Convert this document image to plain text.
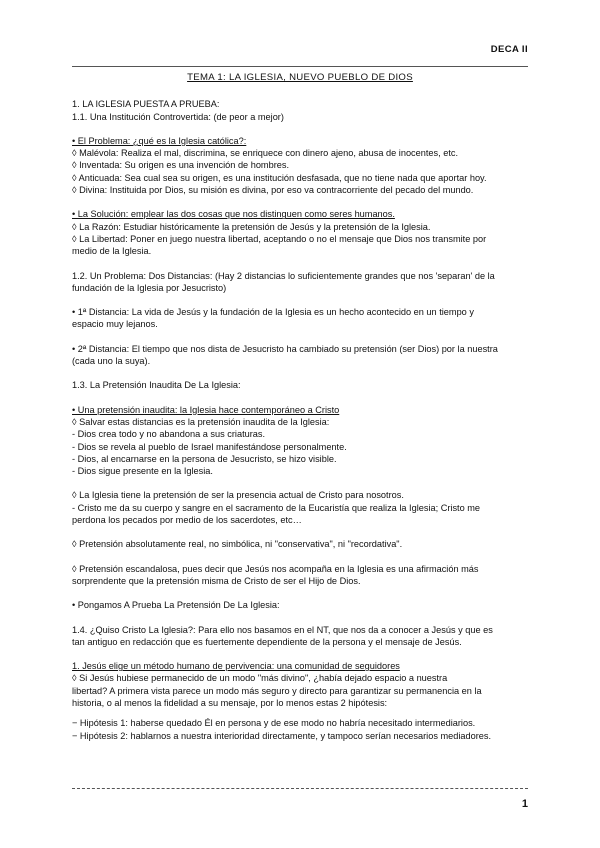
DECA II

TEMA 1: LA IGLESIA, NUEVO PUEBLO DE DIOS

1. LA IGLESIA PUESTA A PRUEBA:

1.1. Una Institución Controvertida: (de peor a mejor)

• El Problema: ¿qué es la Iglesia católica?:

◊ Malévola: Realiza el mal, discrimina, se enriquece con dinero ajeno, abusa de inocentes, etc.

◊ Inventada: Su origen es una invención de hombres.

◊ Anticuada: Sea cual sea su origen, es una institución desfasada, que no tiene nada que aportar hoy.

◊ Divina: Instituida por Dios, su misión es divina, por eso va contracorriente del pecado del mundo.

• La Solución: emplear las dos cosas que nos distinguen como seres humanos.

◊ La Razón: Estudiar históricamente la pretensión de Jesús y la pretensión de la Iglesia.

◊ La Libertad: Poner en juego nuestra libertad, aceptando o no el mensaje que Dios nos transmite por

medio de la Iglesia.

1.2. Un Problema: Dos Distancias: (Hay 2 distancias lo suficientemente grandes que nos 'separan' de la

fundación de la Iglesia por Jesucristo)

• 1ª Distancia: La vida de Jesús y la fundación de la Iglesia es un hecho acontecido en un tiempo y

espacio muy lejanos.

• 2ª Distancia: El tiempo que nos dista de Jesucristo ha cambiado su pretensión (ser Dios) por la nuestra

(cada uno la suya).

1.3. La Pretensión Inaudita De La Iglesia:

• Una pretensión inaudita: la Iglesia hace contemporáneo a Cristo

◊ Salvar estas distancias es la pretensión inaudita de la Iglesia:

- Dios crea todo y no abandona a sus criaturas.

- Dios se revela al pueblo de Israel manifestándose personalmente.

- Dios, al encarnarse en la persona de Jesucristo, se hizo visible.

- Dios sigue presente en la Iglesia.

◊ La Iglesia tiene la pretensión de ser la presencia actual de Cristo para nosotros.

- Cristo me da su cuerpo y sangre en el sacramento de la Eucaristía que realiza la Iglesia; Cristo me

perdona los pecados por medio de los sacerdotes, etc…

◊ Pretensión absolutamente real, no simbólica, ni "conservativa", ni "recordativa".

◊ Pretensión escandalosa, pues decir que Jesús nos acompaña en la Iglesia es una afirmación más

sorprendente que la pretensión misma de Cristo de ser el Hijo de Dios.

• Pongamos A Prueba La Pretensión De La Iglesia:

1.4. ¿Quiso Cristo La Iglesia?: Para ello nos basamos en el NT, que nos da a conocer a Jesús y que es

tan antiguo en redacción que es fuertemente dependiente de la persona y el mensaje de Jesús.

1. Jesús elige un método humano de pervivencia: una comunidad de seguidores

◊ Si Jesús hubiese permanecido de un modo "más divino", ¿había dejado espacio a nuestra

libertad? A primera vista parece un modo más seguro y directo para garantizar su permanencia en la

historia, o al menos la fidelidad a su mensaje, por lo menos estas 2 hipótesis:

− Hipótesis 1: haberse quedado Él en persona y de ese modo no habría necesitado intermediarios.

− Hipótesis 2: hablarnos a nuestra interioridad directamente, y tampoco serían necesarios mediadores.

1
